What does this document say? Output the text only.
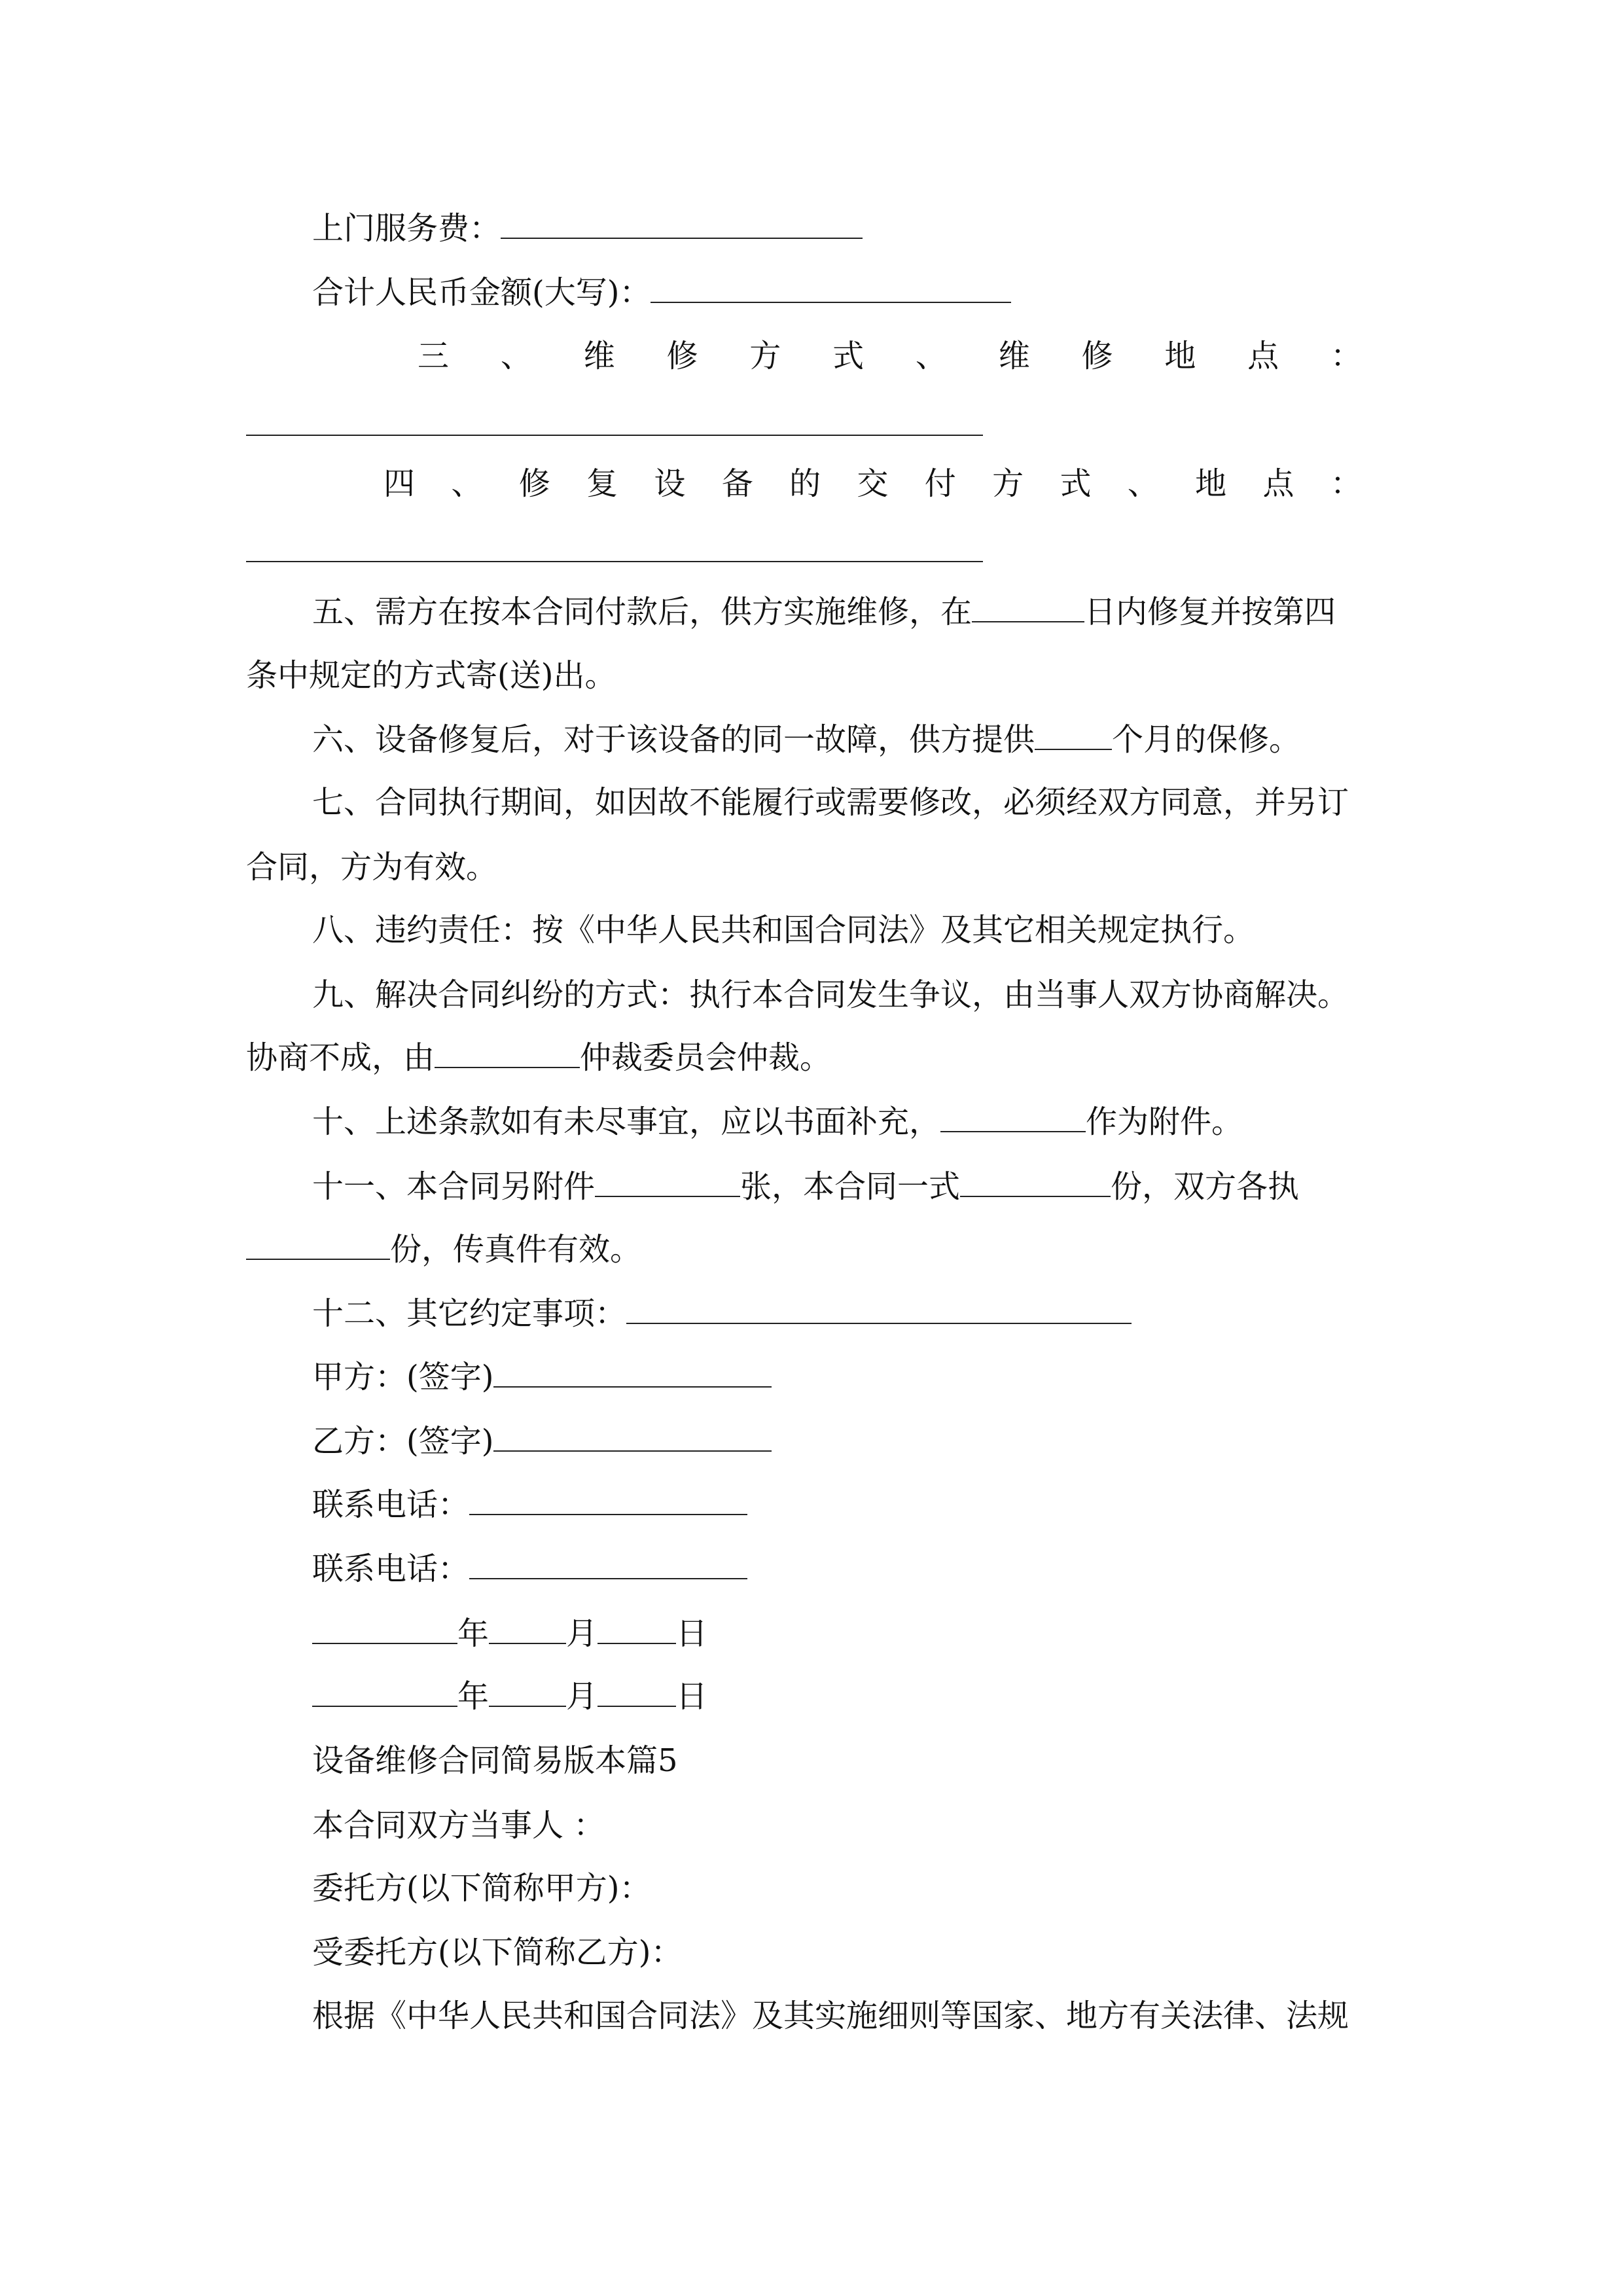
上门服务费：
合计人民币金额(大写)：
三 、 维 修 方 式 、 维 修 地 点 ：
四 、 修 复 设 备 的 交 付 方 式 、 地 点 ：
五、需方在按本合同付款后，供方实施维修，在	日内修复并按第四
条中规定的方式寄(送)出。
六、设备修复后，对于该设备的同一故障，供方提供 个月的保修。
七、合同执行期间，如因故不能履行或需要修改，必须经双方同意，并另订
合同，方为有效。
八、违约责任：按《中华人民共和国合同法》及其它相关规定执行。
九、解决合同纠纷的方式：执行本合同发生争议，由当事人双方协商解决。
协商不成，由	仲裁委员会仲裁。
十、上述条款如有未尽事宜，应以书面补充，	作为附件。
十一、本合同另附件	张，本合同一式	份，双方各执
份，传真件有效。
十二、其它约定事项：
甲方：(签字)
乙方：(签字)
联系电话：
联系电话：
年 月	日
年 月	日
设备维修合同简易版本篇5
本合同双方当事人 ：
委托方(以下简称甲方)：
受委托方(以下简称乙方)：
根据《中华人民共和国合同法》及其实施细则等国家、地方有关法律、法规
